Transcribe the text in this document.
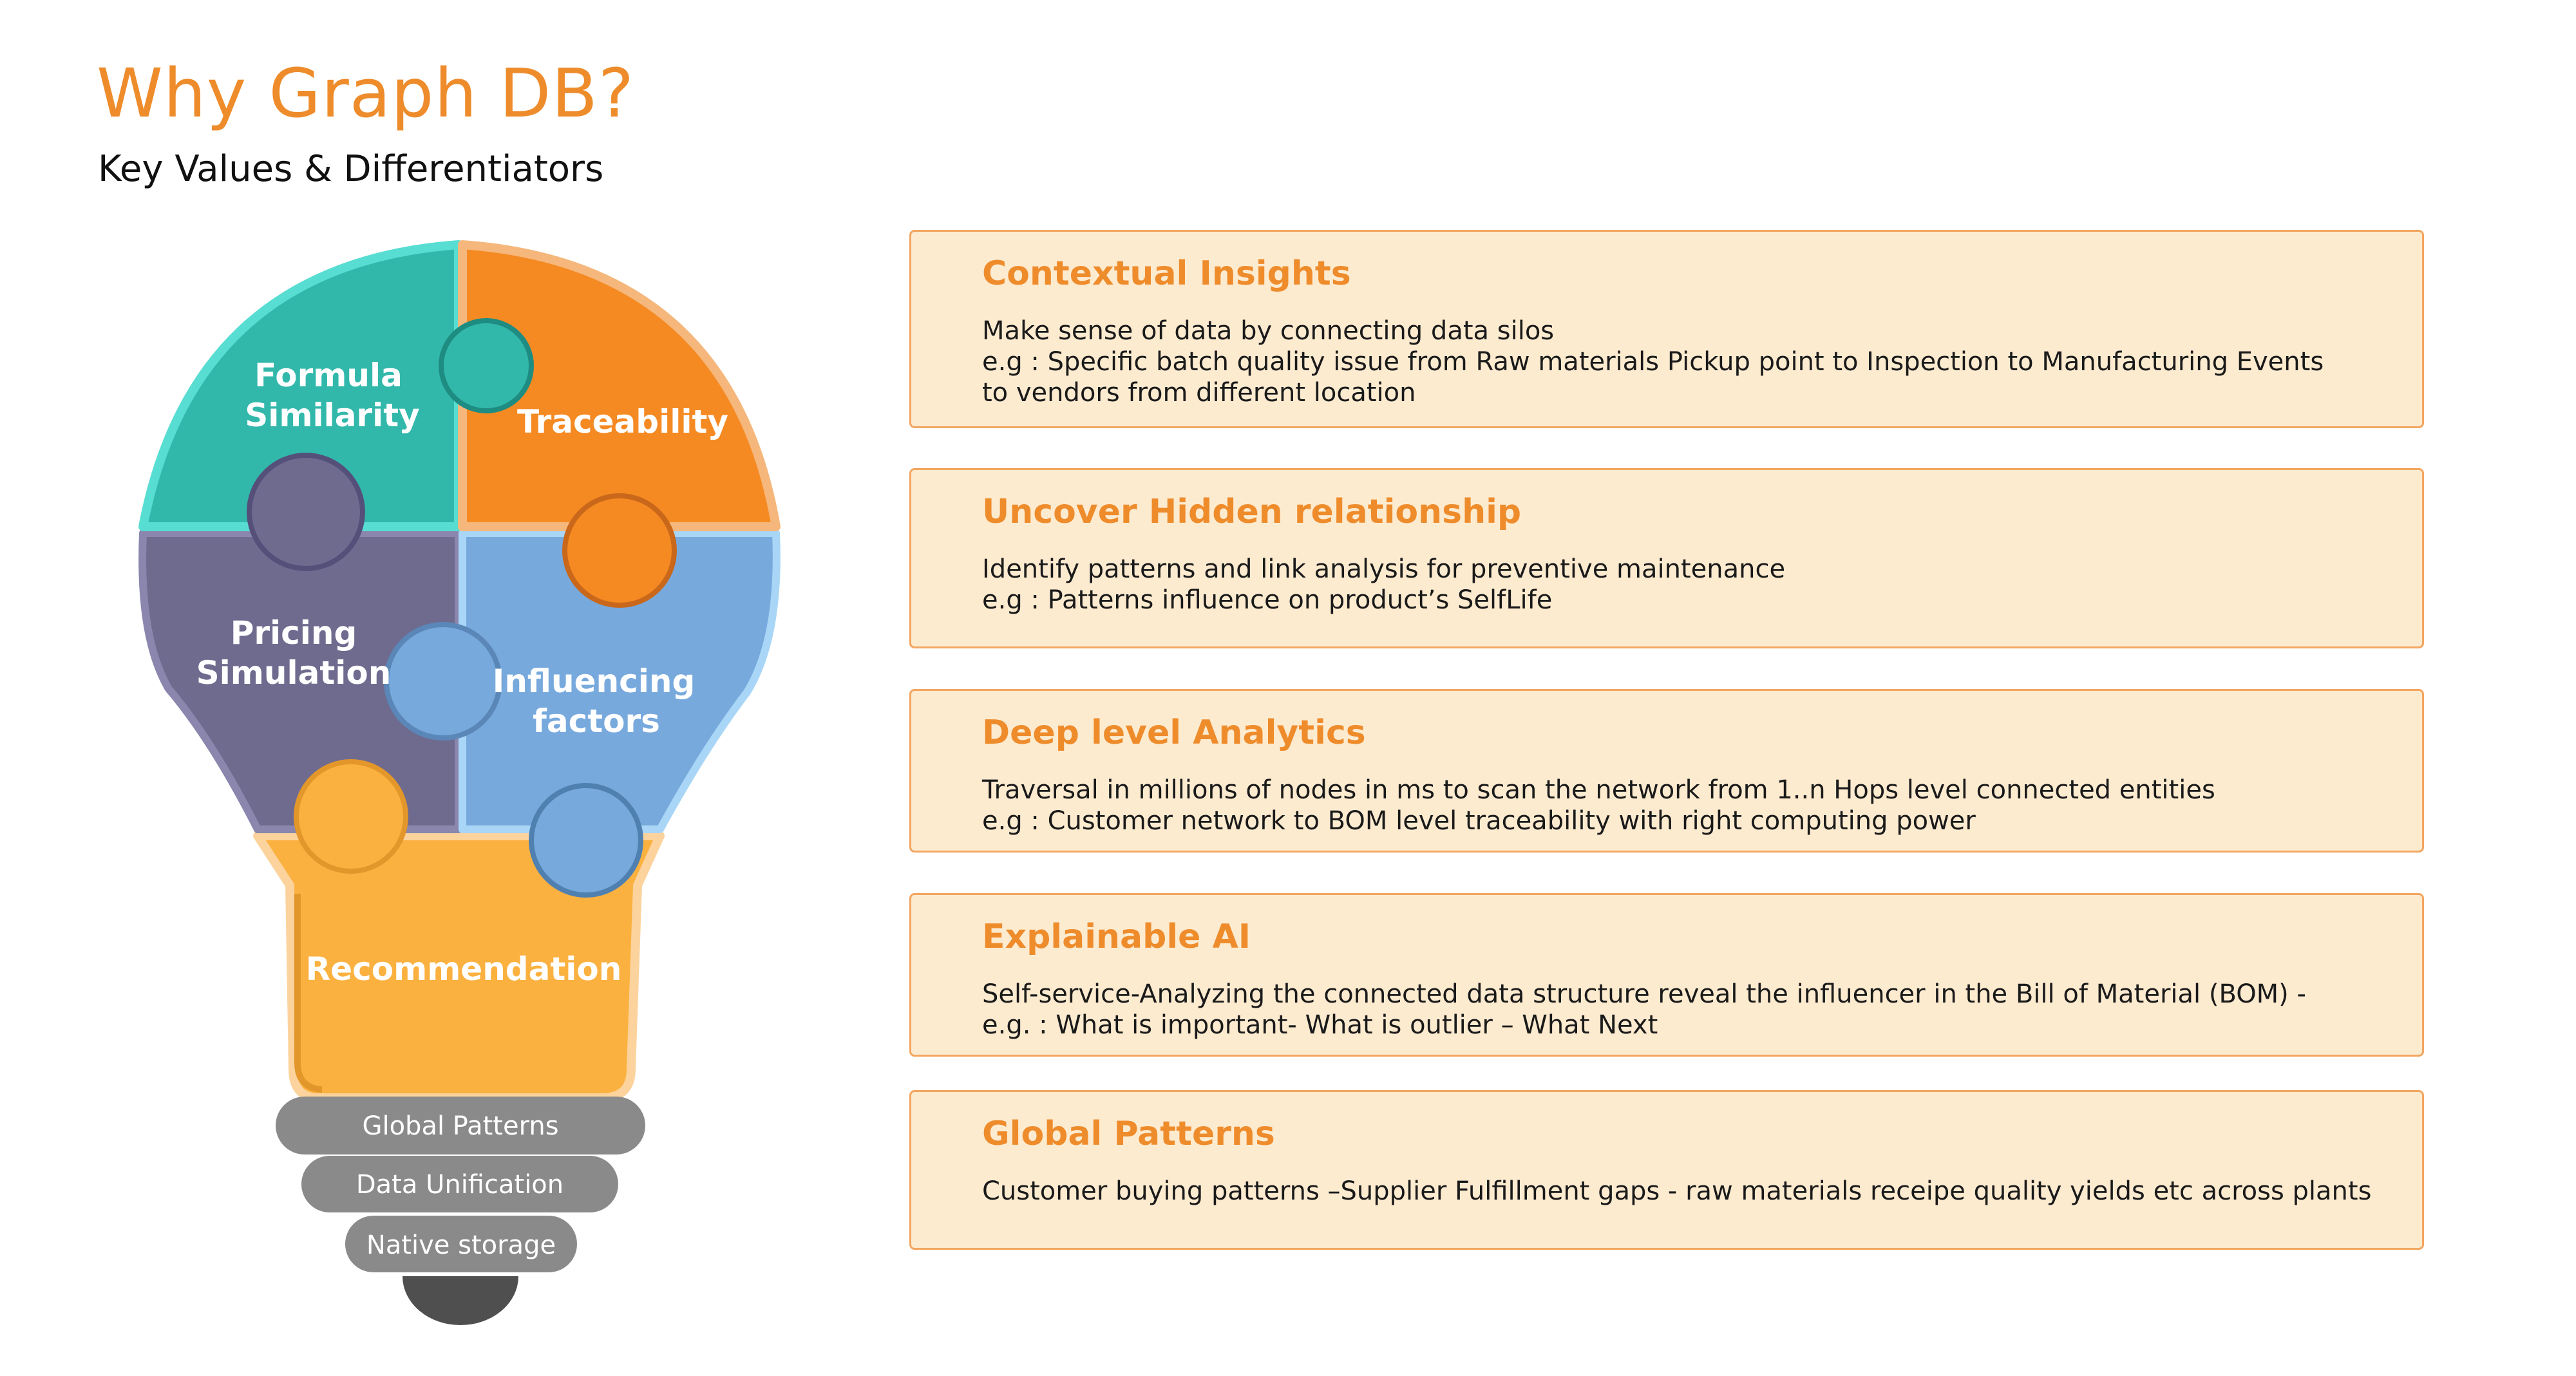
Why Graph DB?
Key Values & Differentiators
Formula
Similarity	Traceability
Pricing
Simulation	Influencing
factors
Recommendation
Global Patterns
Data Unification
Native storage
Contextual Insights

Make sense of data by connecting data silos

e.g : Specific batch quality issue from Raw materials Pickup point to Inspection to Manufacturing Events

to vendors from different location

Uncover Hidden relationship

Identify patterns and link analysis for preventive maintenance

e.g : Patterns influence on product’s SelfLife

Deep level Analytics

Traversal in millions of nodes in ms to scan the network from 1..n Hops level connected entities

e.g : Customer network to BOM level traceability with right computing power

Explainable AI

Self-service-Analyzing the connected data structure reveal the influencer in the Bill of Material (BOM) -

e.g. : What is important- What is outlier – What Next

Global Patterns

Customer buying patterns –Supplier Fulfillment gaps - raw materials receipe quality yields etc across plants
